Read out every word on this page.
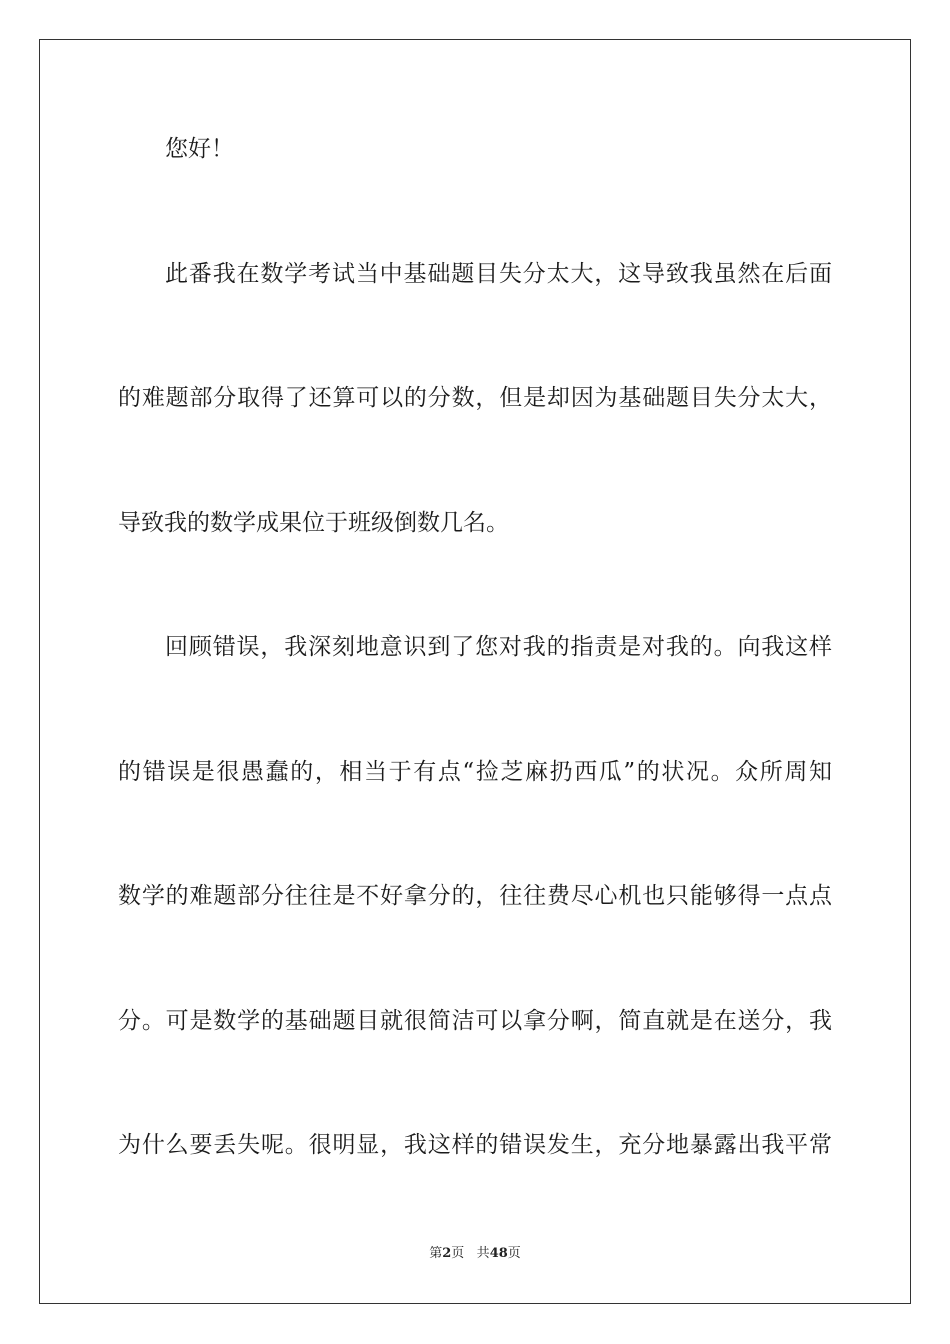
您好！
此番我在数学考试当中基础题目失分太大，这导致我虽然在后面
的难题部分取得了还算可以的分数，但是却因为基础题目失分太大，
导致我的数学成果位于班级倒数几名。
回顾错误，我深刻地意识到了您对我的指责是对我的。向我这样
的错误是很愚蠢的，相当于有点“捡芝麻扔西瓜”的状况。众所周知
数学的难题部分往往是不好拿分的，往往费尽心机也只能够得一点点
分。可是数学的基础题目就很简洁可以拿分啊，简直就是在送分，我
为什么要丢失呢。很明显，我这样的错误发生，充分地暴露出我平常
第2页 共48页
